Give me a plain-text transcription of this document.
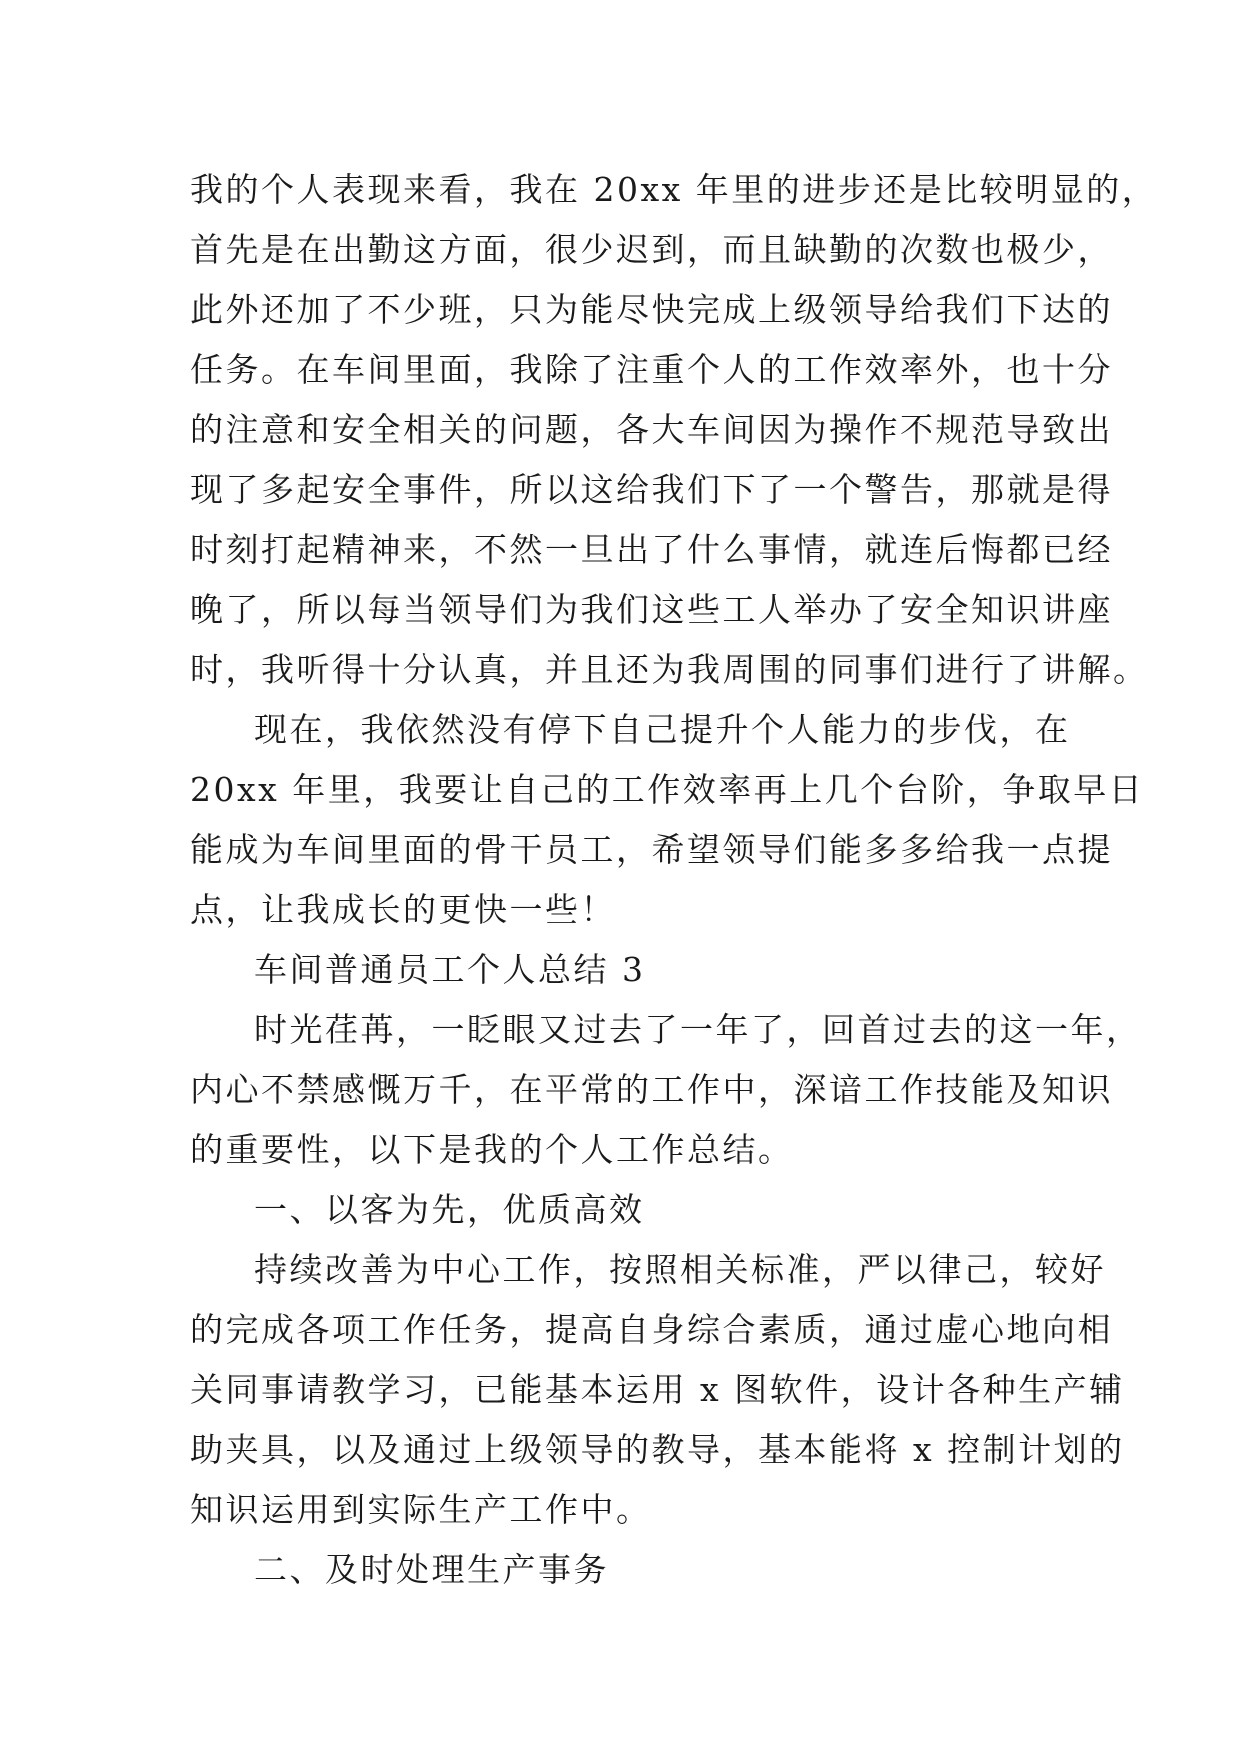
我的个人表现来看，我在 20xx 年里的进步还是比较明显的，
首先是在出勤这方面，很少迟到，而且缺勤的次数也极少，
此外还加了不少班，只为能尽快完成上级领导给我们下达的
任务。在车间里面，我除了注重个人的工作效率外，也十分
的注意和安全相关的问题，各大车间因为操作不规范导致出
现了多起安全事件，所以这给我们下了一个警告，那就是得
时刻打起精神来，不然一旦出了什么事情，就连后悔都已经
晚了，所以每当领导们为我们这些工人举办了安全知识讲座
时，我听得十分认真，并且还为我周围的同事们进行了讲解。
现在，我依然没有停下自己提升个人能力的步伐，在
20xx 年里，我要让自己的工作效率再上几个台阶，争取早日
能成为车间里面的骨干员工，希望领导们能多多给我一点提
点，让我成长的更快一些！
车间普通员工个人总结 3
时光荏苒，一眨眼又过去了一年了，回首过去的这一年，
内心不禁感慨万千，在平常的工作中，深谙工作技能及知识
的重要性，以下是我的个人工作总结。
一、以客为先，优质高效
持续改善为中心工作，按照相关标准，严以律己，较好
的完成各项工作任务，提高自身综合素质，通过虚心地向相
关同事请教学习，已能基本运用 x 图软件，设计各种生产辅
助夹具，以及通过上级领导的教导，基本能将 x 控制计划的
知识运用到实际生产工作中。
二、及时处理生产事务
